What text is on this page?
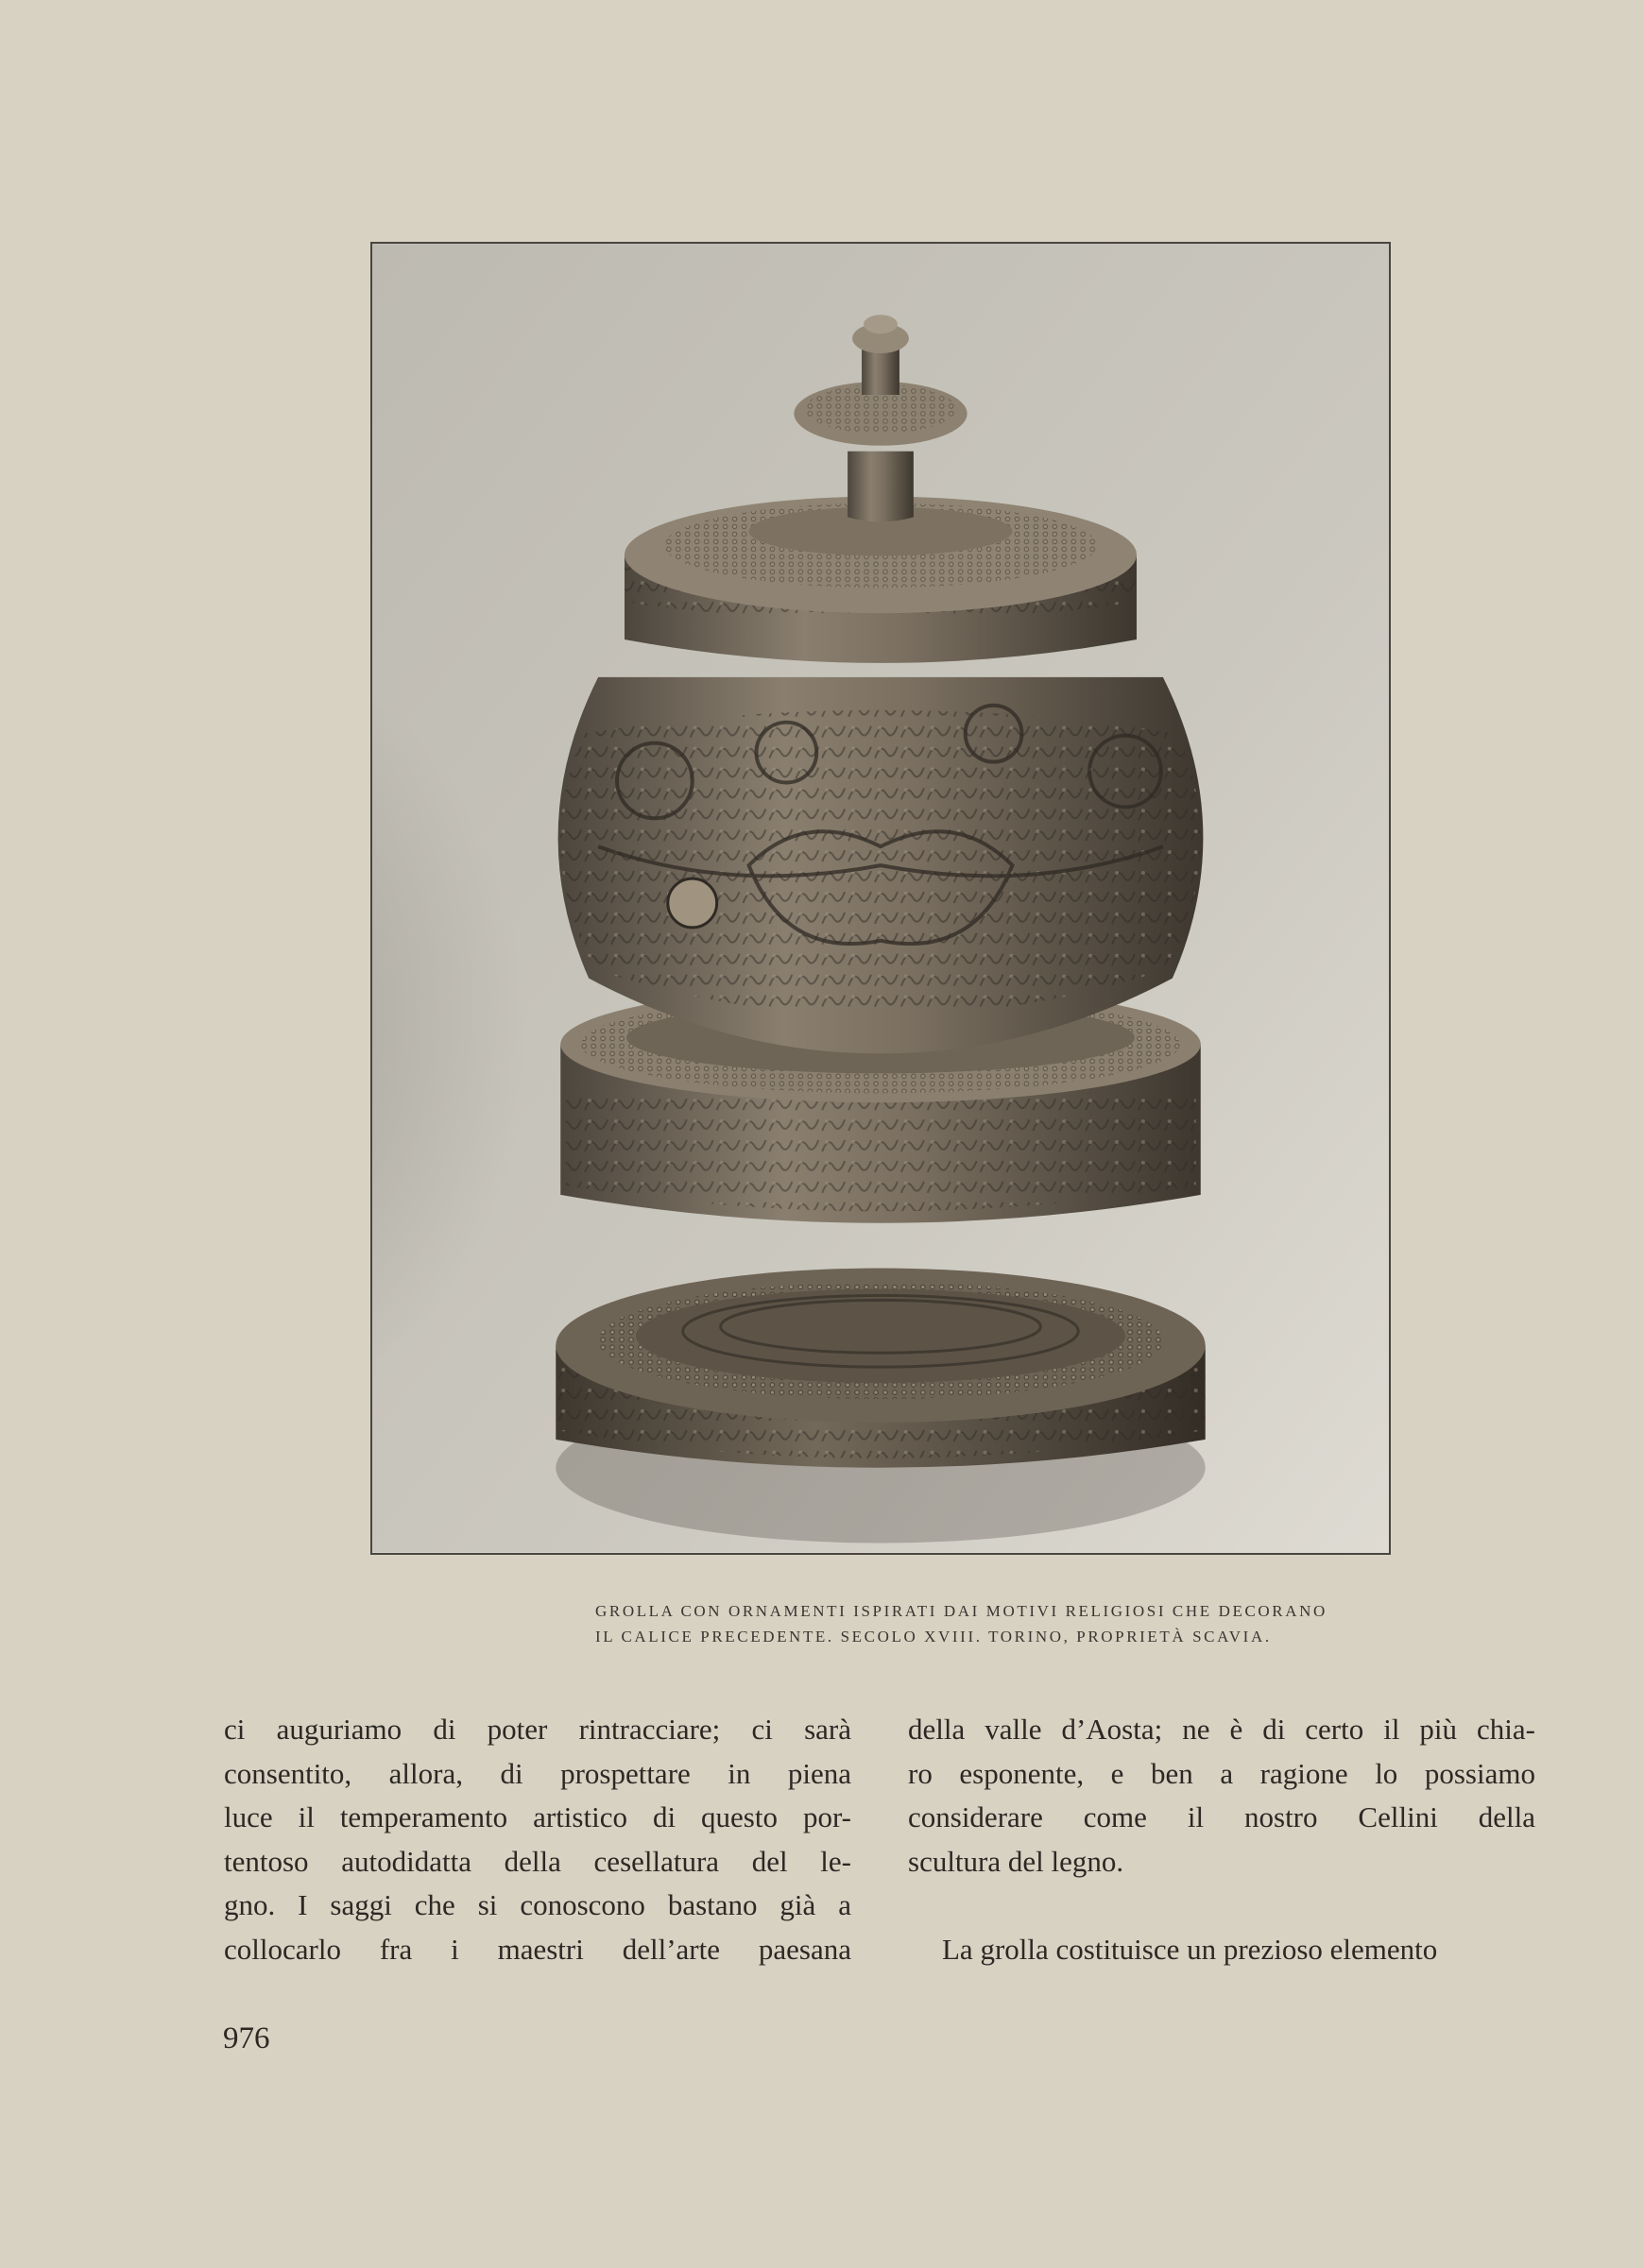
GROLLA CON ORNAMENTI ISPIRATI DAI MOTIVI RELIGIOSI CHE DECORANO
IL CALICE PRECEDENTE. SECOLO XVIII. TORINO, PROPRIETÀ SCAVIA.
ci auguriamo di poter rintracciare; ci sarà
consentito, allora, di prospettare in piena
luce il temperamento artistico di questo por-
tentoso autodidatta della cesellatura del le-
gno. I saggi che si conoscono bastano già a
collocarlo fra i maestri dell’arte paesana
della valle d’Aosta; ne è di certo il più chia-
ro esponente, e ben a ragione lo possiamo
considerare come il nostro Cellini della
scultura del legno.
La grolla costituisce un prezioso elemento
976
